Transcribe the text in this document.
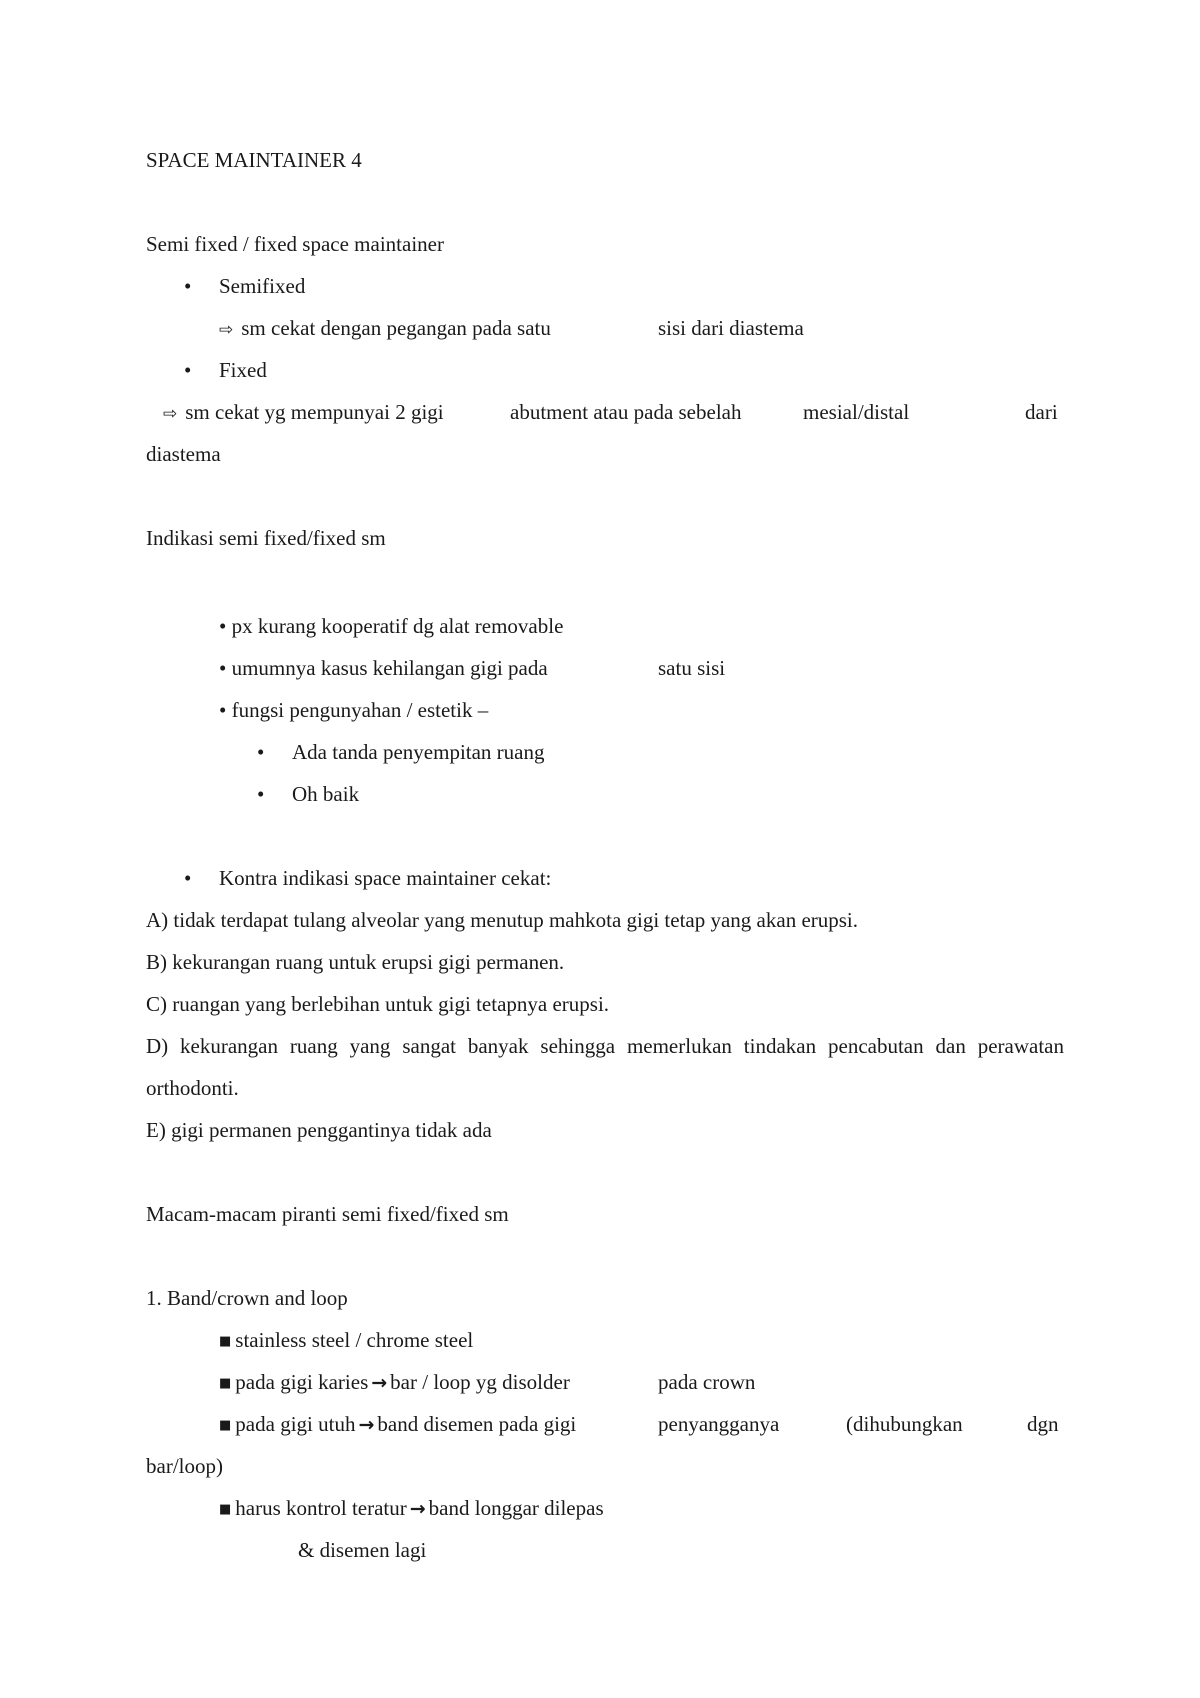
SPACE MAINTAINER 4

Semi fixed / fixed space maintainer

• Semifixed

⇨ sm cekat dengan pegangan pada satu	sisi dari diastema

• Fixed

⇨ sm cekat yg mempunyai 2 gigi	abutment atau pada sebelah	mesial/distal	dari

diastema

Indikasi semi fixed/fixed sm

• px kurang kooperatif dg alat removable

• umumnya kasus kehilangan gigi pada	satu sisi

• fungsi pengunyahan / estetik –

• Ada tanda penyempitan ruang

• Oh baik

• Kontra indikasi space maintainer cekat:

A) tidak terdapat tulang alveolar yang menutup mahkota gigi tetap yang akan erupsi.

B) kekurangan ruang untuk erupsi gigi permanen.

C) ruangan yang berlebihan untuk gigi tetapnya erupsi.

D) kekurangan ruang yang sangat banyak sehingga memerlukan tindakan pencabutan dan perawatan orthodonti.

E) gigi permanen penggantinya tidak ada

Macam-macam piranti semi fixed/fixed sm

1. Band/crown and loop

■ stainless steel / chrome steel

■ pada gigi karies → bar / loop yg disolder	pada crown

■ pada gigi utuh → band disemen pada gigi	penyangganya	(dihubungkan	dgn

bar/loop)

■ harus kontrol teratur → band longgar dilepas

& disemen lagi
